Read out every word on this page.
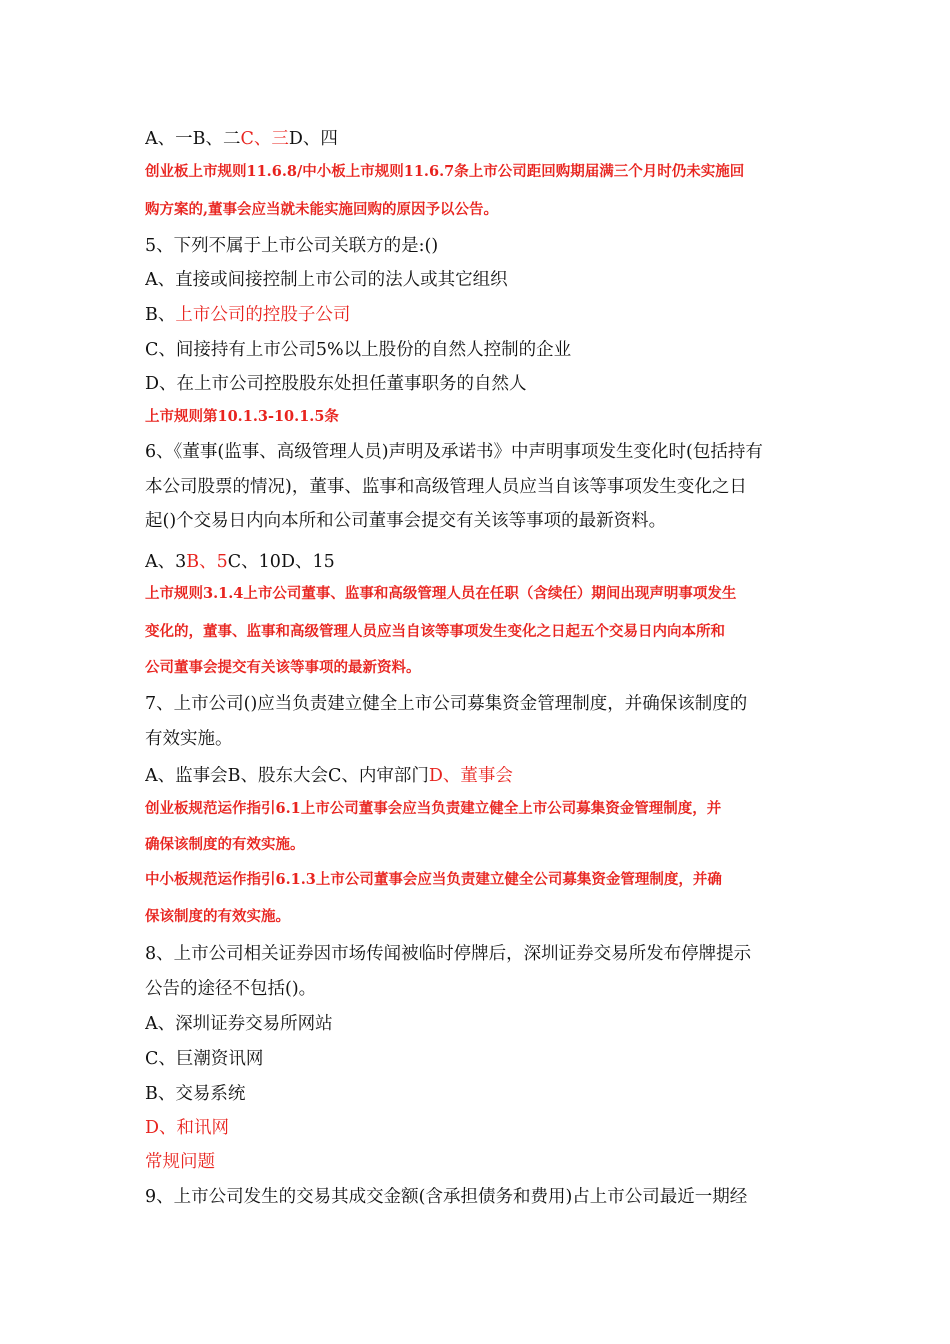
A、一B、二C、三D、四
创业板上市规则11.6.8/中小板上市规则11.6.7条上市公司距回购期届满三个月时仍未实施回
购方案的,董事会应当就未能实施回购的原因予以公告。
5、下列不属于上市公司关联方的是:()
A、直接或间接控制上市公司的法人或其它组织
B、上市公司的控股子公司
C、间接持有上市公司5%以上股份的自然人控制的企业
D、在上市公司控股股东处担任董事职务的自然人
上市规则第10.1.3-10.1.5条
6、《董事(监事、高级管理人员)声明及承诺书》中声明事项发生变化时(包括持有
本公司股票的情况)，董事、监事和高级管理人员应当自该等事项发生变化之日
起()个交易日内向本所和公司董事会提交有关该等事项的最新资料。
A、3B、5C、10D、15
上市规则3.1.4上市公司董事、监事和高级管理人员在任职（含续任）期间出现声明事项发生
变化的，董事、监事和高级管理人员应当自该等事项发生变化之日起五个交易日内向本所和
公司董事会提交有关该等事项的最新资料。
7、上市公司()应当负责建立健全上市公司募集资金管理制度，并确保该制度的
有效实施。
A、监事会B、股东大会C、内审部门D、董事会
创业板规范运作指引6.1上市公司董事会应当负责建立健全上市公司募集资金管理制度，并
确保该制度的有效实施。
中小板规范运作指引6.1.3上市公司董事会应当负责建立健全公司募集资金管理制度，并确
保该制度的有效实施。
8、上市公司相关证券因市场传闻被临时停牌后，深圳证券交易所发布停牌提示
公告的途径不包括()。
A、深圳证券交易所网站
C、巨潮资讯网
B、交易系统
D、和讯网
常规问题
9、上市公司发生的交易其成交金额(含承担债务和费用)占上市公司最近一期经
